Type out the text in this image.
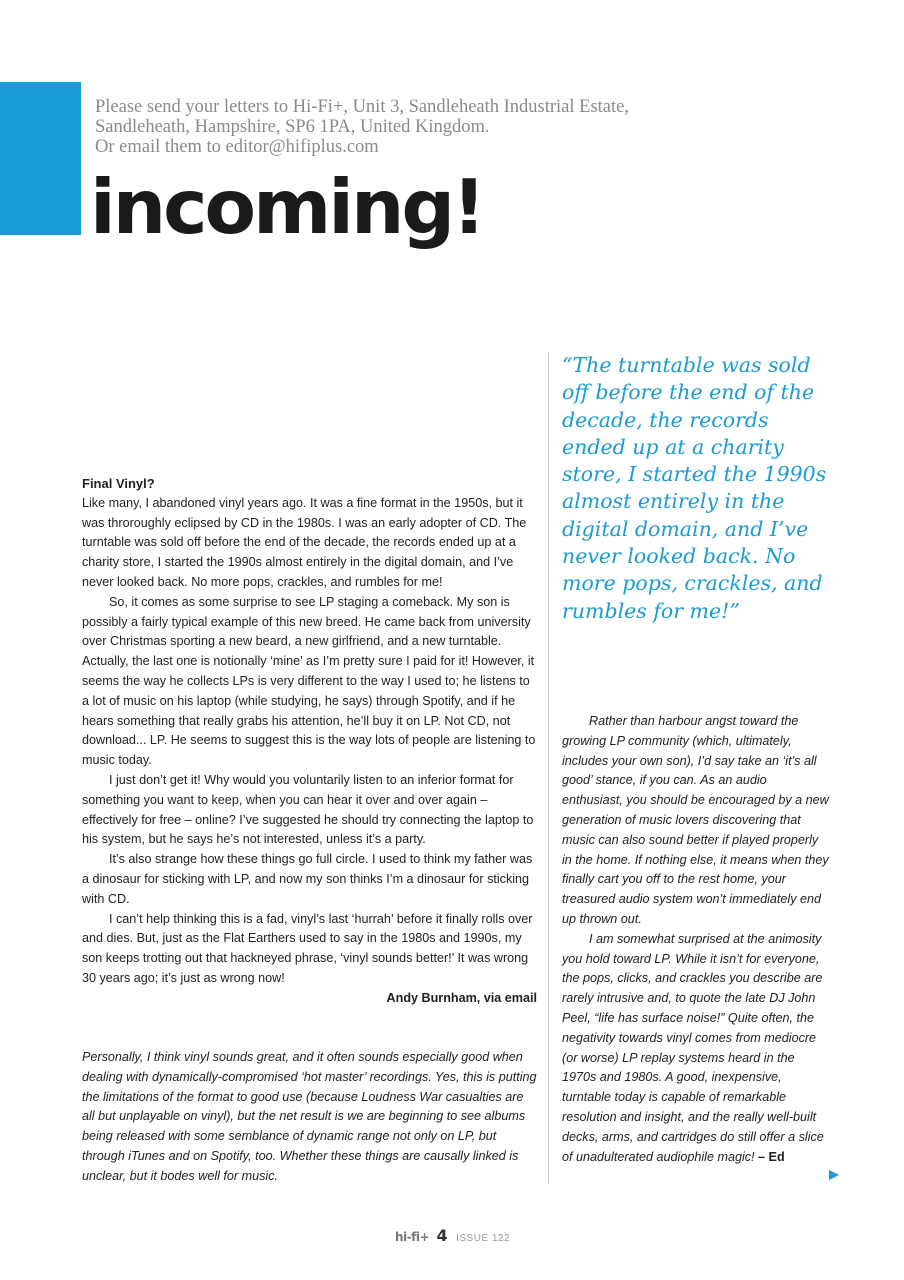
Please send your letters to Hi-Fi+, Unit 3, Sandleheath Industrial Estate,
Sandleheath, Hampshire, SP6 1PA, United Kingdom.
Or email them to editor@hifiplus.com
incoming!
“The turntable was sold off before the end of the decade, the records ended up at a charity store, I started the 1990s almost entirely in the digital domain, and I’ve never looked back. No more pops, crackles, and rumbles for me!”
Final Vinyl?

Like many, I abandoned vinyl years ago. It was a fine format in the 1950s, but it was throroughly eclipsed by CD in the 1980s. I was an early adopter of CD. The turntable was sold off before the end of the decade, the records ended up at a charity store, I started the 1990s almost entirely in the digital domain, and I’ve never looked back. No more pops, crackles, and rumbles for me!

So, it comes as some surprise to see LP staging a comeback. My son is possibly a fairly typical example of this new breed. He came back from university over Christmas sporting a new beard, a new girlfriend, and a new turntable. Actually, the last one is notionally ‘mine’ as I’m pretty sure I paid for it! However, it seems the way he collects LPs is very different to the way I used to; he listens to a lot of music on his laptop (while studying, he says) through Spotify, and if he hears something that really grabs his attention, he’ll buy it on LP. Not CD, not download... LP. He seems to suggest this is the way lots of people are listening to music today.

I just don’t get it! Why would you voluntarily listen to an inferior format for something you want to keep, when you can hear it over and over again – effectively for free – online? I’ve suggested he should try connecting the laptop to his system, but he says he’s not interested, unless it’s a party.

It’s also strange how these things go full circle. I used to think my father was a dinosaur for sticking with LP, and now my son thinks I’m a dinosaur for sticking with CD.

I can’t help thinking this is a fad, vinyl’s last ‘hurrah’ before it finally rolls over and dies. But, just as the Flat Earthers used to say in the 1980s and 1990s, my son keeps trotting out that hackneyed phrase, ‘vinyl sounds better!’ It was wrong 30 years ago; it’s just as wrong now!

Andy Burnham, via email

Personally, I think vinyl sounds great, and it often sounds especially good when dealing with dynamically-compromised ‘hot master’ recordings. Yes, this is putting the limitations of the format to good use (because Loudness War casualties are all but unplayable on vinyl), but the net result is we are beginning to see albums being released with some semblance of dynamic range not only on LP, but through iTunes and on Spotify, too. Whether these things are causally linked is unclear, but it bodes well for music.

Rather than harbour angst toward the growing LP community (which, ultimately, includes your own son), I’d say take an ‘it’s all good’ stance, if you can. As an audio enthusiast, you should be encouraged by a new generation of music lovers discovering that music can also sound better if played properly in the home. If nothing else, it means when they finally cart you off to the rest home, your treasured audio system won’t immediately end up thrown out.

I am somewhat surprised at the animosity you hold toward LP. While it isn’t for everyone, the pops, clicks, and crackles you describe are rarely intrusive and, to quote the late DJ John Peel, “life has surface noise!” Quite often, the negativity towards vinyl comes from mediocre (or worse) LP replay systems heard in the 1970s and 1980s. A good, inexpensive, turntable today is capable of remarkable resolution and insight, and the really well-built decks, arms, and cartridges do still offer a slice of unadulterated audiophile magic! – Ed

hi-fi+ 4 ISSUE 122
